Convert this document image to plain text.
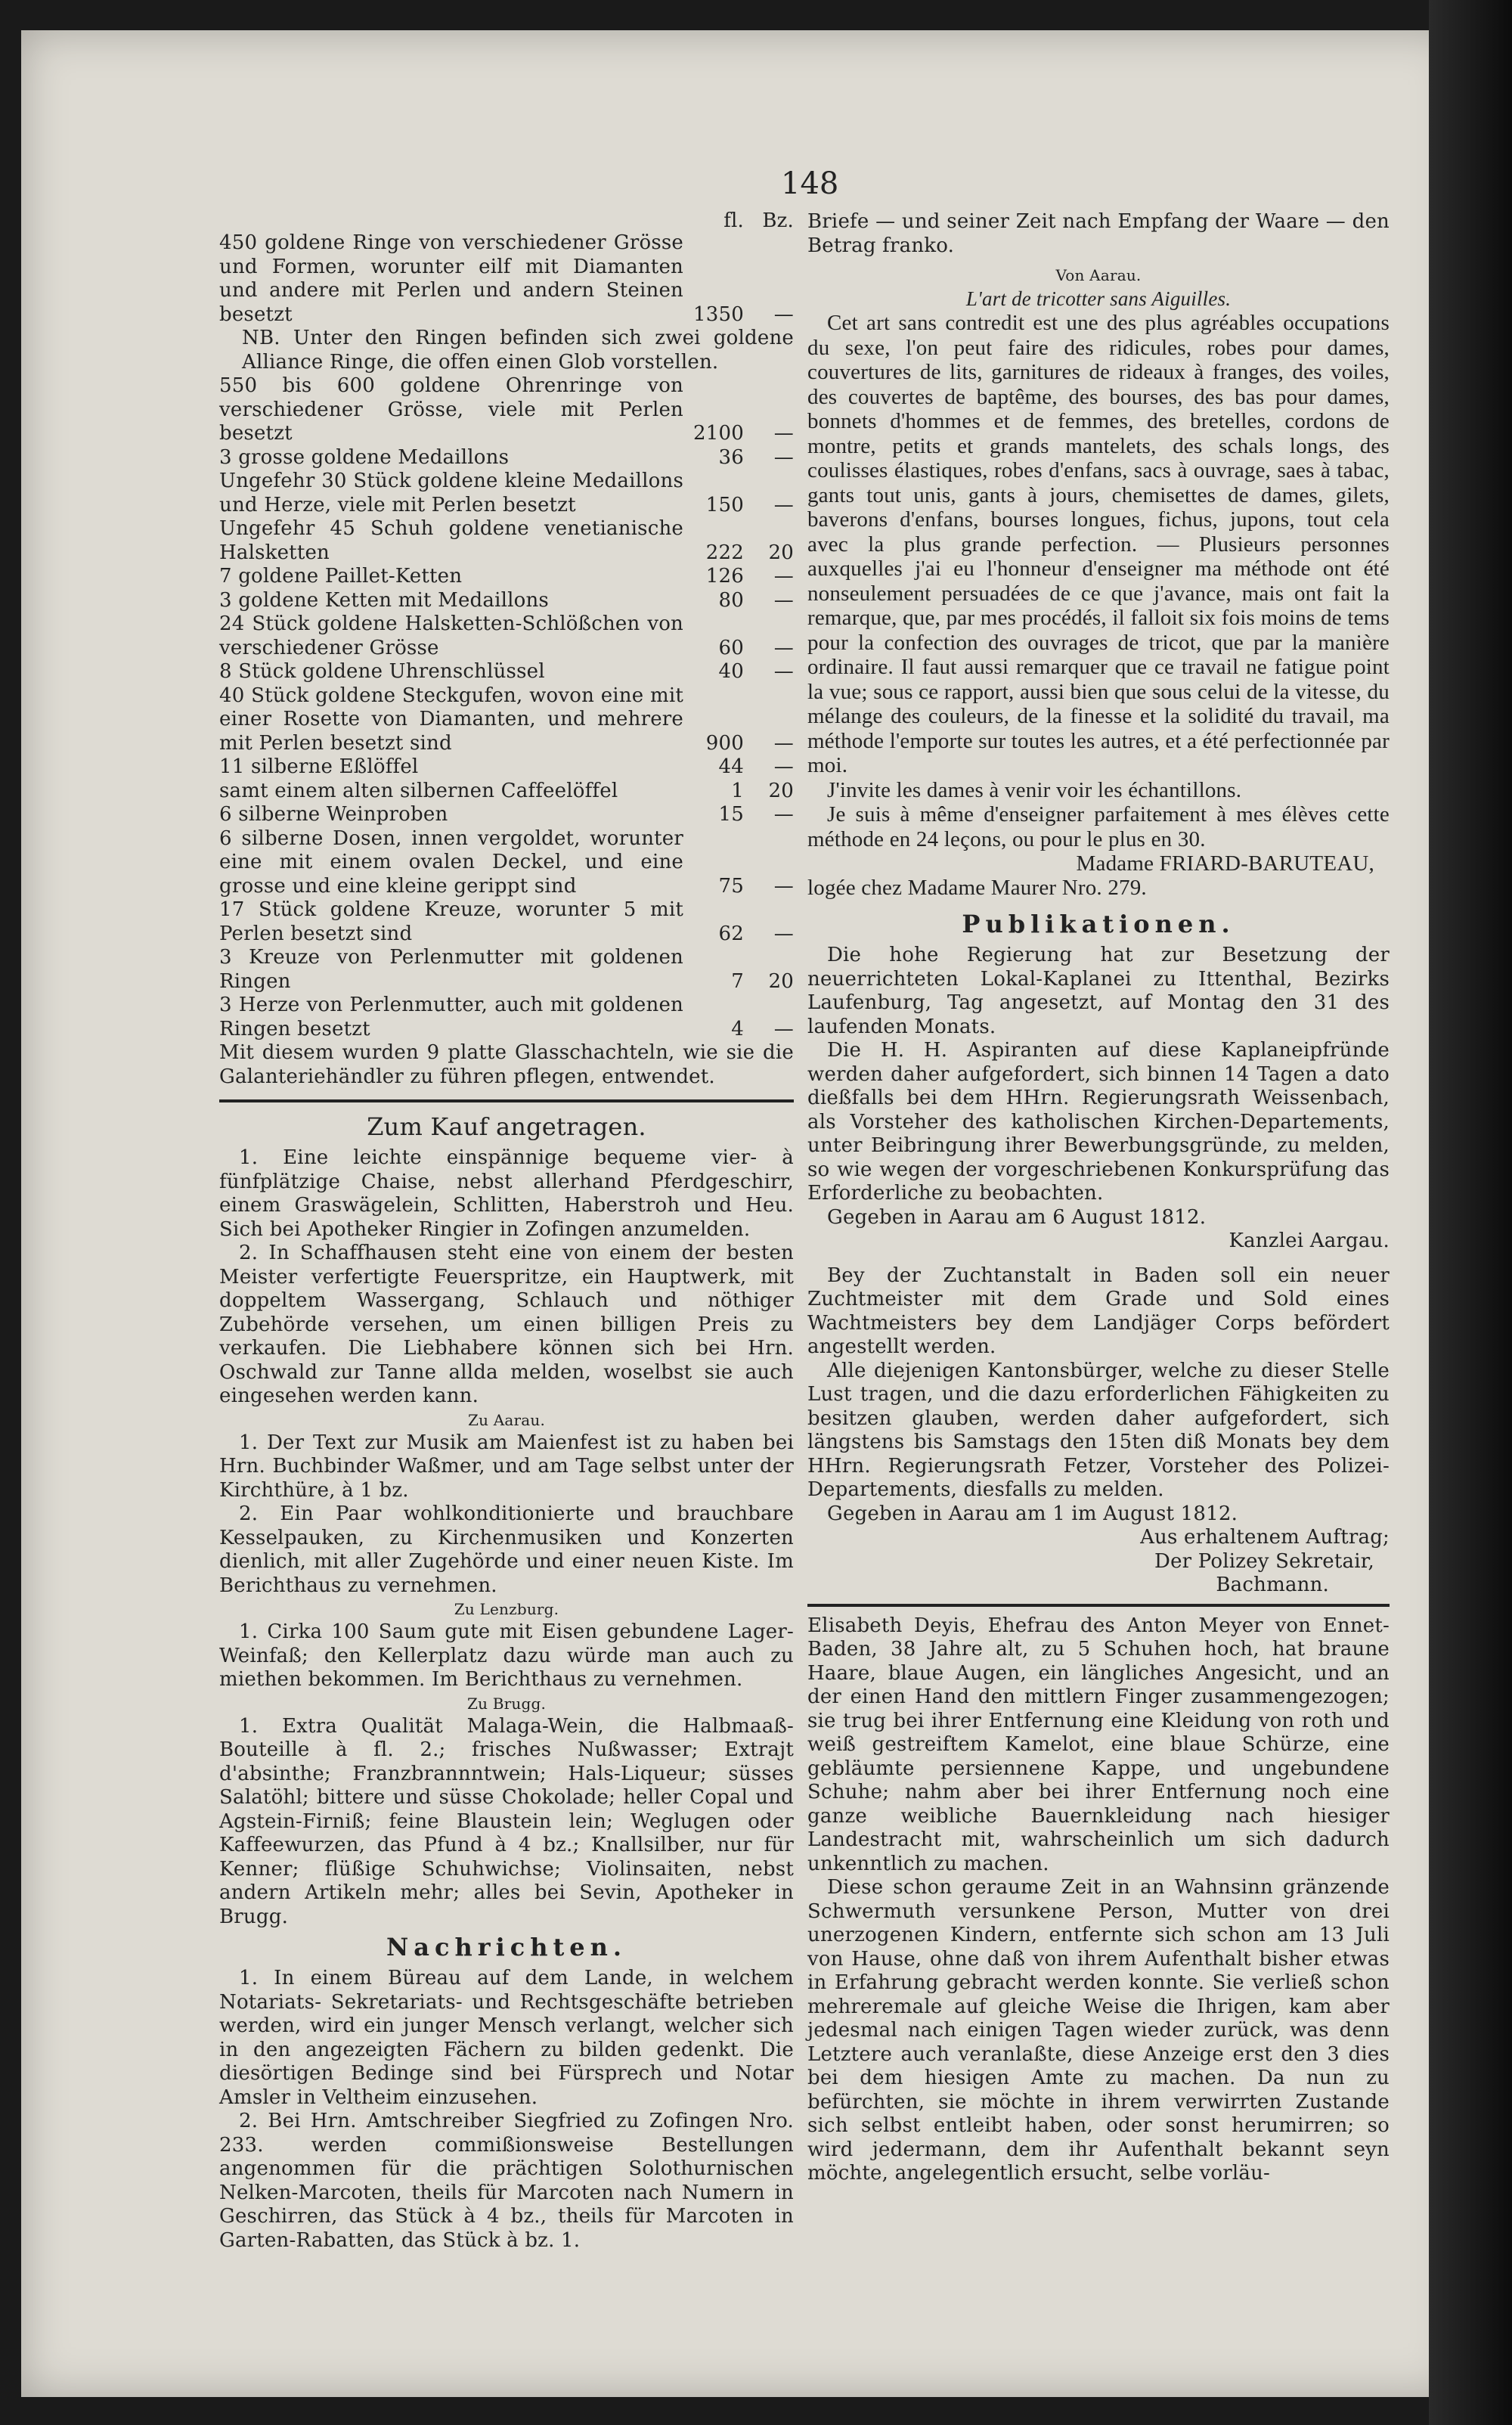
148
fl. Bz.
450 goldene Ringe von verschiedener Grösse und Formen, worunter eilf mit Diamanten und andere mit Perlen und andern Steinen besetzt	1350	—
NB. Unter den Ringen befinden sich zwei goldene Alliance Ringe, die offen einen Glob vorstellen.
550 bis 600 goldene Ohrenringe von verschiedener Grösse, viele mit Perlen besetzt	2100	—
3 grosse goldene Medaillons	36	—
Ungefehr 30 Stück goldene kleine Medaillons und Herze, viele mit Perlen besetzt	150	—
Ungefehr 45 Schuh goldene venetianische Halsketten	222	20
7 goldene Paillet-Ketten	126	—
3 goldene Ketten mit Medaillons	80	—
24 Stück goldene Halsketten-Schlößchen von verschiedener Grösse	60	—
8 Stück goldene Uhrenschlüssel	40	—
40 Stück goldene Steckgufen, wovon eine mit einer Rosette von Diamanten, und mehrere mit Perlen besetzt sind	900	—
11 silberne Eßlöffel	44	—
samt einem alten silbernen Caffeelöffel	1	20
6 silberne Weinproben	15	—
6 silberne Dosen, innen vergoldet, worunter eine mit einem ovalen Deckel, und eine grosse und eine kleine gerippt sind	75	—
17 Stück goldene Kreuze, worunter 5 mit Perlen besetzt sind	62	—
3 Kreuze von Perlenmutter mit goldenen Ringen	7	20
3 Herze von Perlenmutter, auch mit goldenen Ringen besetzt	4	—
Mit diesem wurden 9 platte Glasschachteln, wie sie die Galanteriehändler zu führen pflegen, entwendet.
Zum Kauf angetragen.
1. Eine leichte einspännige bequeme vier- à fünfplätzige Chaise, nebst allerhand Pferdgeschirr, einem Graswägelein, Schlitten, Haberstroh und Heu. Sich bei Apotheker Ringier in Zofingen anzumelden.
2. In Schaffhausen steht eine von einem der besten Meister verfertigte Feuerspritze, ein Hauptwerk, mit doppeltem Wassergang, Schlauch und nöthiger Zubehörde versehen, um einen billigen Preis zu verkaufen. Die Liebhabere können sich bei Hrn. Oschwald zur Tanne allda melden, woselbst sie auch eingesehen werden kann.
Zu Aarau.
1. Der Text zur Musik am Maienfest ist zu haben bei Hrn. Buchbinder Waßmer, und am Tage selbst unter der Kirchthüre, à 1 bz.
2. Ein Paar wohlkonditionierte und brauchbare Kesselpauken, zu Kirchenmusiken und Konzerten dienlich, mit aller Zugehörde und einer neuen Kiste. Im Berichthaus zu vernehmen.
Zu Lenzburg.
1. Cirka 100 Saum gute mit Eisen gebundene Lager-Weinfaß; den Kellerplatz dazu würde man auch zu miethen bekommen. Im Berichthaus zu vernehmen.
Zu Brugg.
1. Extra Qualität Malaga-Wein, die Halbmaaß-Bouteille à fl. 2.; frisches Nußwasser; Extrajt d'absinthe; Franzbrannntwein; Hals-Liqueur; süsses Salatöhl; bittere und süsse Chokolade; heller Copal und Agstein-Firniß; feine Blaustein lein; Weglugen oder Kaffeewurzen, das Pfund à 4 bz.; Knallsilber, nur für Kenner; flüßige Schuhwichse; Violinsaiten, nebst andern Artikeln mehr; alles bei Sevin, Apotheker in Brugg.
Nachrichten.
1. In einem Büreau auf dem Lande, in welchem Notariats- Sekretariats- und Rechtsgeschäfte betrieben werden, wird ein junger Mensch verlangt, welcher sich in den angezeigten Fächern zu bilden gedenkt. Die diesörtigen Bedinge sind bei Fürsprech und Notar Amsler in Veltheim einzusehen.
2. Bei Hrn. Amtschreiber Siegfried zu Zofingen Nro. 233. werden commißionsweise Bestellungen angenommen für die prächtigen Solothurnischen Nelken-Marcoten, theils für Marcoten nach Numern in Geschirren, das Stück à 4 bz., theils für Marcoten in Garten-Rabatten, das Stück à bz. 1.
Briefe — und seiner Zeit nach Empfang der Waare — den Betrag franko.
Von Aarau.
L'art de tricotter sans Aiguilles.
Cet art sans contredit est une des plus agréables occupations du sexe, l'on peut faire des ridicules, robes pour dames, couvertures de lits, garnitures de rideaux à franges, des voiles, des couvertes de baptême, des bourses, des bas pour dames, bonnets d'hommes et de femmes, des bretelles, cordons de montre, petits et grands mantelets, des schals longs, des coulisses élastiques, robes d'enfans, sacs à ouvrage, saes à tabac, gants tout unis, gants à jours, chemisettes de dames, gilets, baverons d'enfans, bourses longues, fichus, jupons, tout cela avec la plus grande perfection. — Plusieurs personnes auxquelles j'ai eu l'honneur d'enseigner ma méthode ont été nonseulement persuadées de ce que j'avance, mais ont fait la remarque, que, par mes procédés, il falloit six fois moins de tems pour la confection des ouvrages de tricot, que par la manière ordinaire. Il faut aussi remarquer que ce travail ne fatigue point la vue; sous ce rapport, aussi bien que sous celui de la vitesse, du mélange des couleurs, de la finesse et la solidité du travail, ma méthode l'emporte sur toutes les autres, et a été perfectionnée par moi.
J'invite les dames à venir voir les échantillons.
Je suis à même d'enseigner parfaitement à mes élèves cette méthode en 24 leçons, ou pour le plus en 30.
Madame FRIARD-BARUTEAU,
logée chez Madame Maurer Nro. 279.
Publikationen.
Die hohe Regierung hat zur Besetzung der neuerrichteten Lokal-Kaplanei zu Ittenthal, Bezirks Laufenburg, Tag angesetzt, auf Montag den 31 des laufenden Monats.
Die H. H. Aspiranten auf diese Kaplaneipfründe werden daher aufgefordert, sich binnen 14 Tagen a dato dießfalls bei dem HHrn. Regierungsrath Weissenbach, als Vorsteher des katholischen Kirchen-Departements, unter Beibringung ihrer Bewerbungsgründe, zu melden, so wie wegen der vorgeschriebenen Konkursprüfung das Erforderliche zu beobachten.
Gegeben in Aarau am 6 August 1812.
Kanzlei Aargau.
Bey der Zuchtanstalt in Baden soll ein neuer Zuchtmeister mit dem Grade und Sold eines Wachtmeisters bey dem Landjäger Corps befördert angestellt werden.
Alle diejenigen Kantonsbürger, welche zu dieser Stelle Lust tragen, und die dazu erforderlichen Fähigkeiten zu besitzen glauben, werden daher aufgefordert, sich längstens bis Samstags den 15ten diß Monats bey dem HHrn. Regierungsrath Fetzer, Vorsteher des Polizei-Departements, diesfalls zu melden.
Gegeben in Aarau am 1 im August 1812.
Aus erhaltenem Auftrag;
Der Polizey Sekretair,
Bachmann.
Elisabeth Deyis, Ehefrau des Anton Meyer von Ennet-Baden, 38 Jahre alt, zu 5 Schuhen hoch, hat braune Haare, blaue Augen, ein längliches Angesicht, und an der einen Hand den mittlern Finger zusammengezogen; sie trug bei ihrer Entfernung eine Kleidung von roth und weiß gestreiftem Kamelot, eine blaue Schürze, eine gebläumte persiennene Kappe, und ungebundene Schuhe; nahm aber bei ihrer Entfernung noch eine ganze weibliche Bauernkleidung nach hiesiger Landestracht mit, wahrscheinlich um sich dadurch unkenntlich zu machen.
Diese schon geraume Zeit in an Wahnsinn gränzende Schwermuth versunkene Person, Mutter von drei unerzogenen Kindern, entfernte sich schon am 13 Juli von Hause, ohne daß von ihrem Aufenthalt bisher etwas in Erfahrung gebracht werden konnte. Sie verließ schon mehreremale auf gleiche Weise die Ihrigen, kam aber jedesmal nach einigen Tagen wieder zurück, was denn Letztere auch veranlaßte, diese Anzeige erst den 3 dies bei dem hiesigen Amte zu machen. Da nun zu befürchten, sie möchte in ihrem verwirrten Zustande sich selbst entleibt haben, oder sonst herumirren; so wird jedermann, dem ihr Aufenthalt bekannt seyn möchte, angelegentlich ersucht, selbe vorläu-
